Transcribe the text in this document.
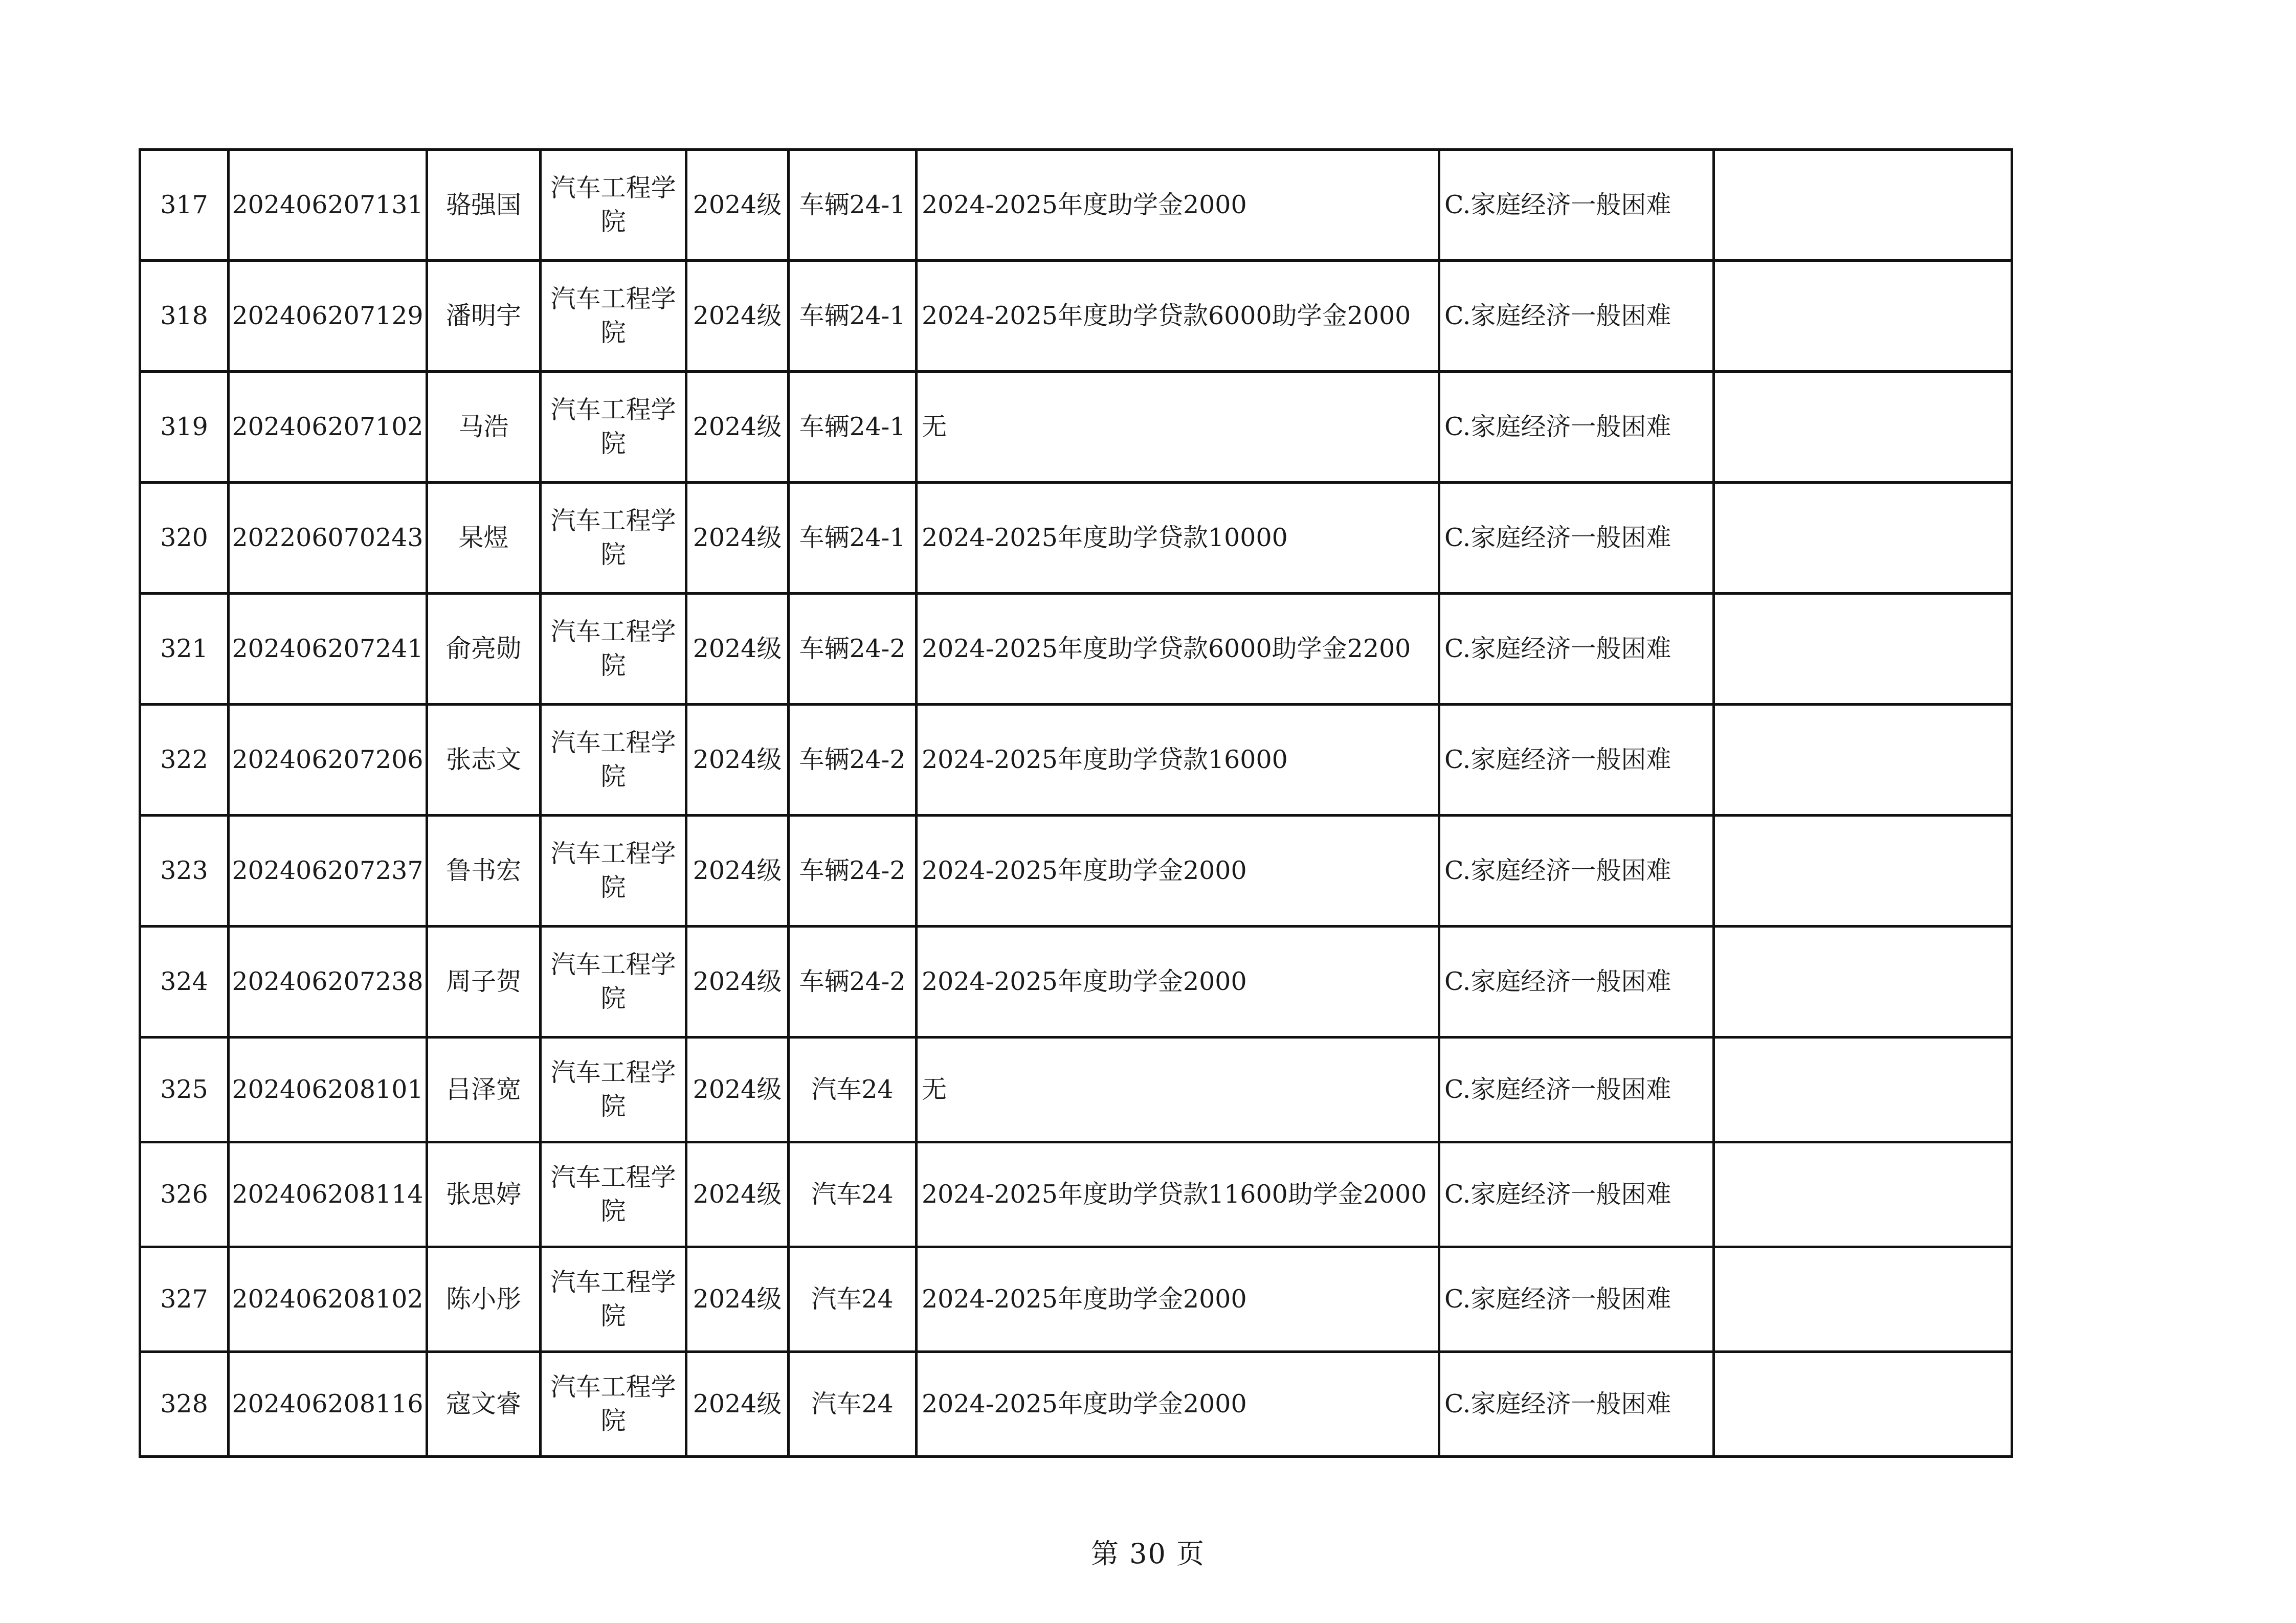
317	202406207131	骆强国	汽车工程学院	2024级	车辆24-1	2024-2025年度助学金2000	C.家庭经济一般困难	
318	202406207129	潘明宇	汽车工程学院	2024级	车辆24-1	2024-2025年度助学贷款6000助学金2000	C.家庭经济一般困难	
319	202406207102	马浩	汽车工程学院	2024级	车辆24-1	无	C.家庭经济一般困难	
320	202206070243	杲煜	汽车工程学院	2024级	车辆24-1	2024-2025年度助学贷款10000	C.家庭经济一般困难	
321	202406207241	俞亮勋	汽车工程学院	2024级	车辆24-2	2024-2025年度助学贷款6000助学金2200	C.家庭经济一般困难	
322	202406207206	张志文	汽车工程学院	2024级	车辆24-2	2024-2025年度助学贷款16000	C.家庭经济一般困难	
323	202406207237	鲁书宏	汽车工程学院	2024级	车辆24-2	2024-2025年度助学金2000	C.家庭经济一般困难	
324	202406207238	周子贺	汽车工程学院	2024级	车辆24-2	2024-2025年度助学金2000	C.家庭经济一般困难	
325	202406208101	吕泽宽	汽车工程学院	2024级	汽车24	无	C.家庭经济一般困难	
326	202406208114	张思婷	汽车工程学院	2024级	汽车24	2024-2025年度助学贷款11600助学金2000	C.家庭经济一般困难	
327	202406208102	陈小彤	汽车工程学院	2024级	汽车24	2024-2025年度助学金2000	C.家庭经济一般困难	
328	202406208116	寇文睿	汽车工程学院	2024级	汽车24	2024-2025年度助学金2000	C.家庭经济一般困难	
第 30 页
